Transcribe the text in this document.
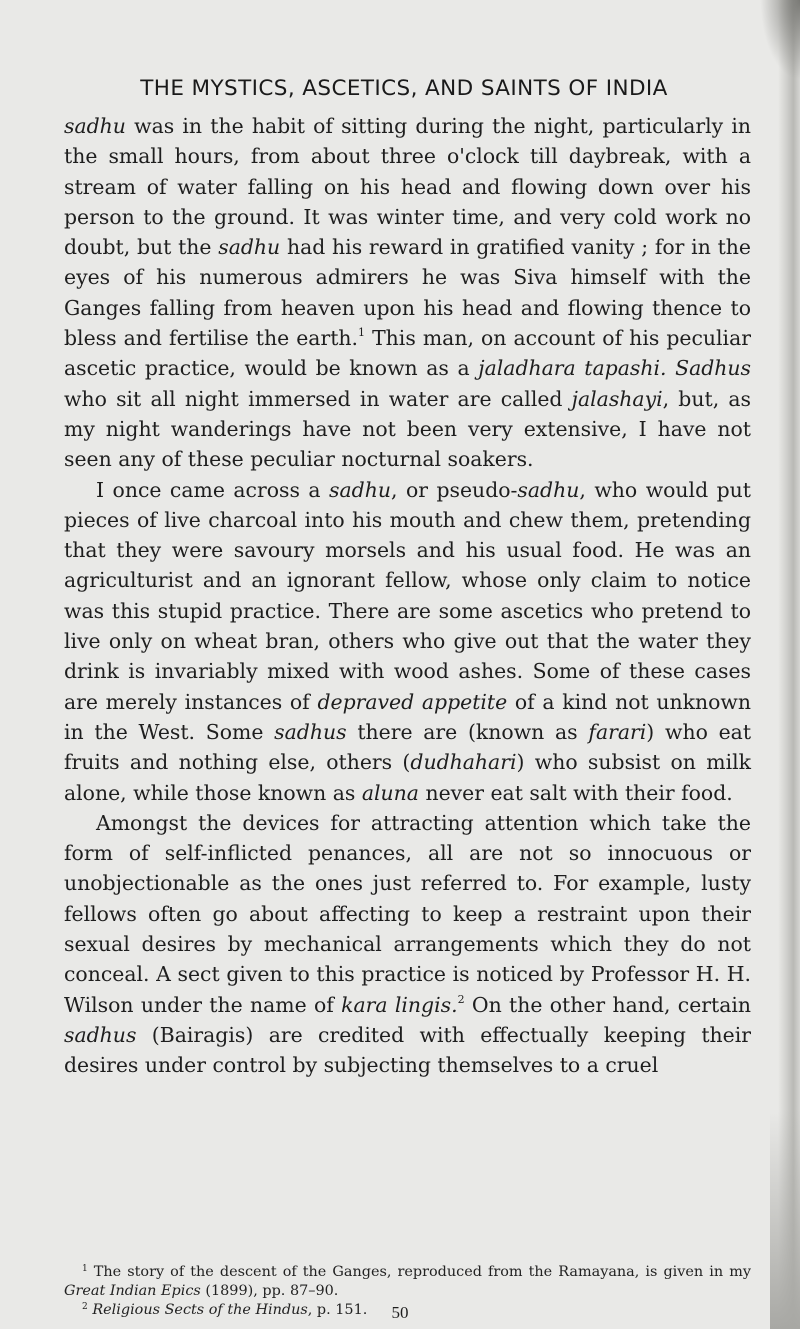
THE MYSTICS, ASCETICS, AND SAINTS OF INDIA

sadhu was in the habit of sitting during the night, particularly in the small hours, from about three o'clock till daybreak, with a stream of water falling on his head and flowing down over his person to the ground. It was winter time, and very cold work no doubt, but the sadhu had his reward in gratified vanity ; for in the eyes of his numerous admirers he was Siva himself with the Ganges falling from heaven upon his head and flowing thence to bless and fertilise the earth.$^1$ This man, on account of his peculiar ascetic practice, would be known as a jaladhara tapashi. Sadhus who sit all night immersed in water are called jalashayi, but, as my night wanderings have not been very extensive, I have not seen any of these peculiar nocturnal soakers.

I once came across a sadhu, or pseudo-sadhu, who would put pieces of live charcoal into his mouth and chew them, pretending that they were savoury morsels and his usual food. He was an agriculturist and an ignorant fellow, whose only claim to notice was this stupid practice. There are some ascetics who pretend to live only on wheat bran, others who give out that the water they drink is invariably mixed with wood ashes. Some of these cases are merely instances of depraved appetite of a kind not unknown in the West. Some sadhus there are (known as farari) who eat fruits and nothing else, others (dudhahari) who subsist on milk alone, while those known as aluna never eat salt with their food.

Amongst the devices for attracting attention which take the form of self-inflicted penances, all are not so innocuous or unobjectionable as the ones just referred to. For example, lusty fellows often go about affecting to keep a restraint upon their sexual desires by mechanical arrangements which they do not conceal. A sect given to this practice is noticed by Professor H. H. Wilson under the name of kara lingis.$^2$ On the other hand, certain sadhus (Bairagis) are credited with effectually keeping their desires under control by subjecting themselves to a cruel

$^1$ The story of the descent of the Ganges, reproduced from the Ramayana, is given in my Great Indian Epics (1899), pp. 87–90.

$^2$ Religious Sects of the Hindus, p. 151.	50
